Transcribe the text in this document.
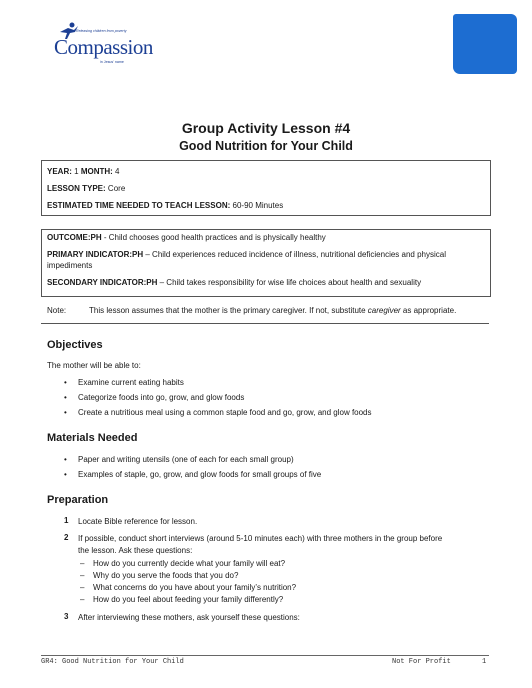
Releasing children from poverty
Compassion
in Jesus' name
Group Activity Lesson #4
Good Nutrition for Your Child
YEAR: 1 MONTH: 4
LESSON TYPE: Core
ESTIMATED TIME NEEDED TO TEACH LESSON: 60-90 Minutes
OUTCOME:PH - Child chooses good health practices and is physically healthy
PRIMARY INDICATOR:PH – Child experiences reduced incidence of illness, nutritional deficiencies and physical
impediments
SECONDARY INDICATOR:PH – Child takes responsibility for wise life choices about health and sexuality
Note:	This lesson assumes that the mother is the primary caregiver. If not, substitute caregiver as appropriate.
Objectives
The mother will be able to:
• Examine current eating habits
• Categorize foods into go, grow, and glow foods
• Create a nutritious meal using a common staple food and go, grow, and glow foods
Materials Needed
• Paper and writing utensils (one of each for each small group)
• Examples of staple, go, grow, and glow foods for small groups of five
Preparation
1 Locate Bible reference for lesson.
2 If possible, conduct short interviews (around 5-10 minutes each) with three mothers in the group before
the lesson. Ask these questions:
– How do you currently decide what your family will eat?
– Why do you serve the foods that you do?
– What concerns do you have about your family’s nutrition?
– How do you feel about feeding your family differently?
3 After interviewing these mothers, ask yourself these questions:
GR4: Good Nutrition for Your Child	Not For Profit	1
